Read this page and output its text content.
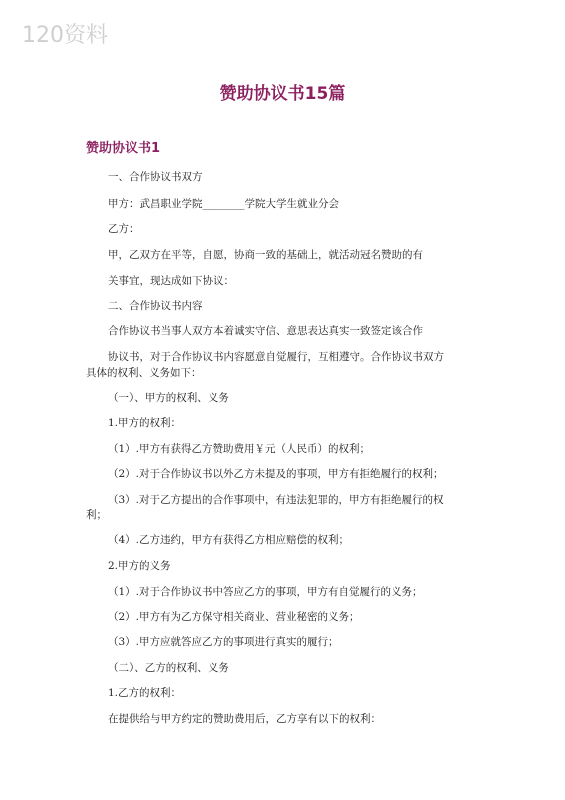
120资料
赞助协议书15篇
赞助协议书1
一、合作协议书双方
甲方：武昌职业学院________学院大学生就业分会
乙方：
甲，乙双方在平等，自愿，协商一致的基础上，就活动冠名赞助的有
关事宜，现达成如下协议：
二、合作协议书内容
合作协议书当事人双方本着诚实守信、意思表达真实一致签定该合作
协议书，对于合作协议书内容愿意自觉履行，互相遵守。合作协议书双方
具体的权利、义务如下：
（一）、甲方的权利、义务
1.甲方的权利：
（1）.甲方有获得乙方赞助费用￥元（人民币）的权利；
（2）.对于合作协议书以外乙方未提及的事项，甲方有拒绝履行的权利；
（3）.对于乙方提出的合作事项中，有违法犯罪的，甲方有拒绝履行的权
利；
（4）.乙方违约，甲方有获得乙方相应赔偿的权利；
2.甲方的义务
（1）.对于合作协议书中答应乙方的事项，甲方有自觉履行的义务；
（2）.甲方有为乙方保守相关商业、营业秘密的义务；
（3）.甲方应就答应乙方的事项进行真实的履行；
（二）、乙方的权利、义务
1.乙方的权利：
在提供给与甲方约定的赞助费用后，乙方享有以下的权利：
